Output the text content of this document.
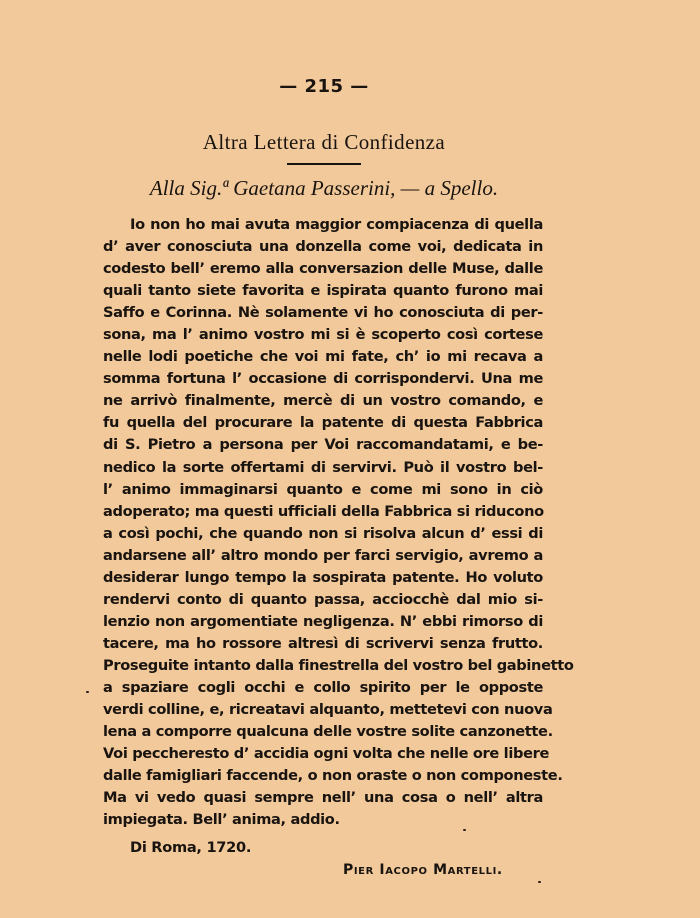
— 215 —
Altra Lettera di Confidenza
Alla Sig.ª Gaetana Passerini, — a Spello.
Io non ho mai avuta maggior compiacenza di quella
d’ aver conosciuta una donzella come voi, dedicata in
codesto bell’ eremo alla conversazion delle Muse, dalle
quali tanto siete favorita e ispirata quanto furono mai
Saffo e Corinna. Nè solamente vi ho conosciuta di per-
sona, ma l’ animo vostro mi si è scoperto così cortese
nelle lodi poetiche che voi mi fate, ch’ io mi recava a
somma fortuna l’ occasione di corrispondervi. Una me
ne arrivò finalmente, mercè di un vostro comando, e
fu quella del procurare la patente di questa Fabbrica
di S. Pietro a persona per Voi raccomandatami, e be-
nedico la sorte offertami di servirvi. Può il vostro bel-
l’ animo immaginarsi quanto e come mi sono in ciò
adoperato; ma questi ufficiali della Fabbrica si riducono
a così pochi, che quando non si risolva alcun d’ essi di
andarsene all’ altro mondo per farci servigio, avremo a
desiderar lungo tempo la sospirata patente. Ho voluto
rendervi conto di quanto passa, acciocchè dal mio si-
lenzio non argomentiate negligenza. N’ ebbi rimorso di
tacere, ma ho rossore altresì di scrivervi senza frutto.
Proseguite intanto dalla finestrella del vostro bel gabinetto
a spaziare cogli occhi e collo spirito per le opposte
verdi colline, e, ricreatavi alquanto, mettetevi con nuova
lena a comporre qualcuna delle vostre solite canzonette.
Voi peccheresto d’ accidia ogni volta che nelle ore libere
dalle famigliari faccende, o non oraste o non componeste.
Ma vi vedo quasi sempre nell’ una cosa o nell’ altra
impiegata. Bell’ anima, addio.
Di Roma, 1720.
Pier Iacopo Martelli.
